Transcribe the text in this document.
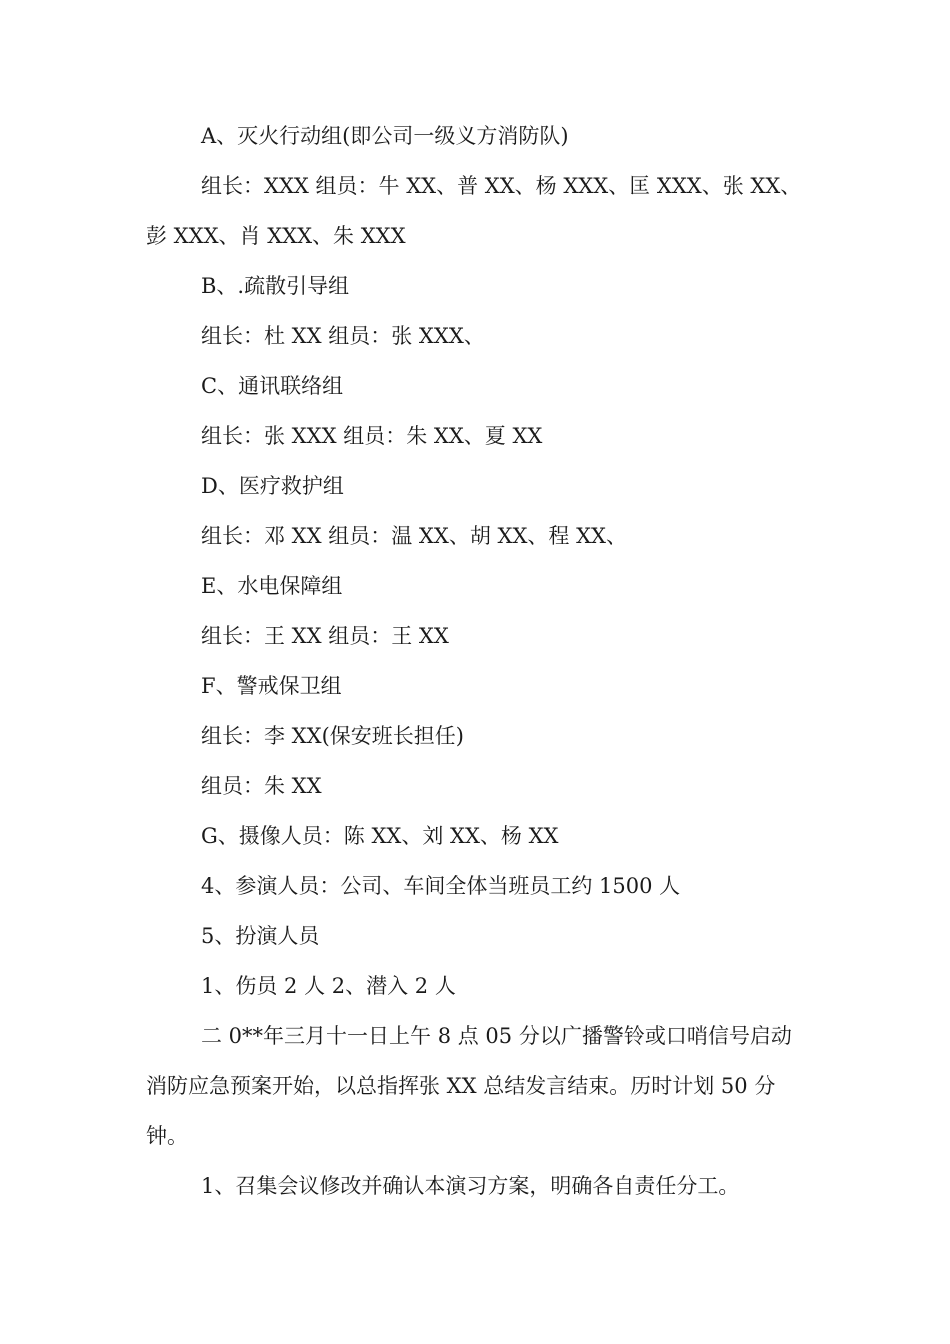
A、灭火行动组(即公司一级义方消防队)

组长：XXX 组员：牛 XX、普 XX、杨 XXX、匡 XXX、张 XX、彭 XXX、肖 XXX、朱 XXX

B、.疏散引导组

组长：杜 XX 组员：张 XXX、

C、通讯联络组

组长：张 XXX 组员：朱 XX、夏 XX

D、医疗救护组

组长：邓 XX 组员：温 XX、胡 XX、程 XX、

E、水电保障组

组长：王 XX 组员：王 XX

F、警戒保卫组

组长：李 XX(保安班长担任)

组员：朱 XX

G、摄像人员：陈 XX、刘 XX、杨 XX

4、参演人员：公司、车间全体当班员工约 1500 人

5、扮演人员

1、伤员 2 人 2、潜入 2 人

二 0**年三月十一日上午 8 点 05 分以广播警铃或口哨信号启动消防应急预案开始，以总指挥张 XX 总结发言结束。历时计划 50 分钟。

1、召集会议修改并确认本演习方案，明确各自责任分工。
